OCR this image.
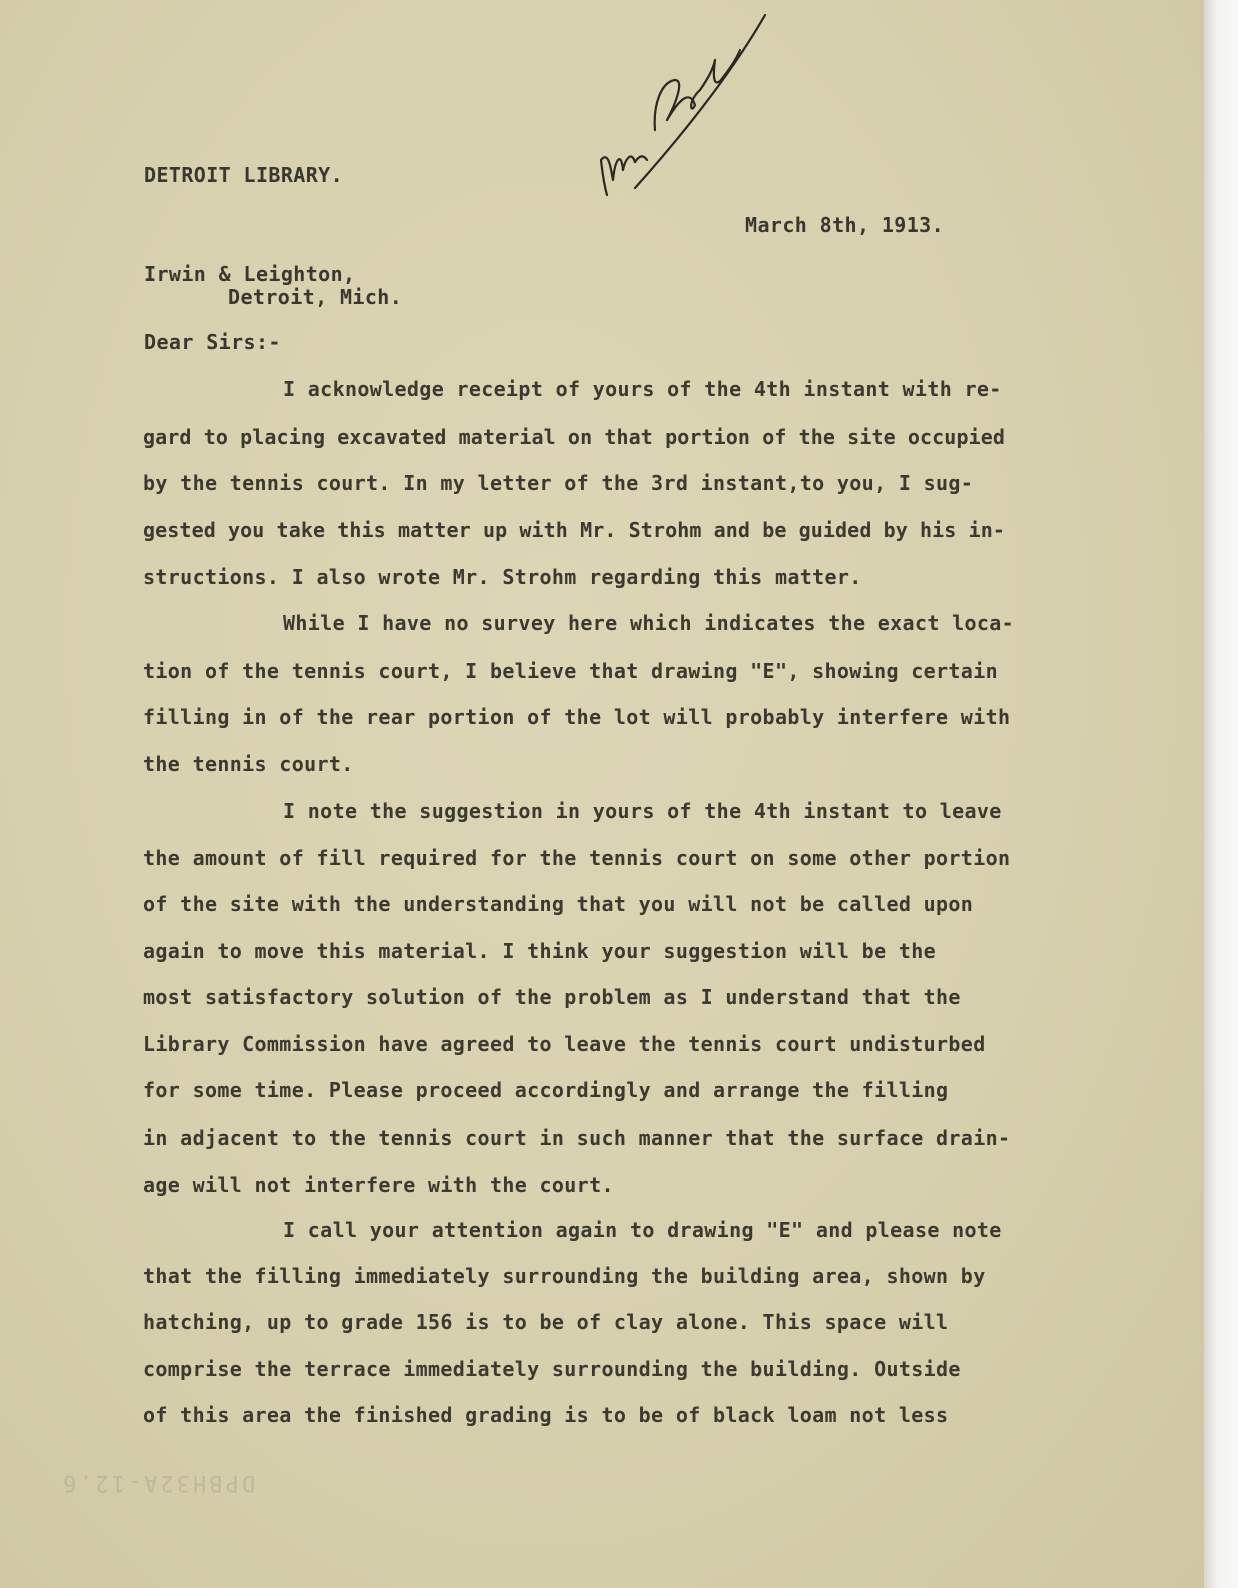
DETROIT LIBRARY.
March 8th, 1913.
Irwin & Leighton,
Detroit, Mich.
Dear Sirs:-
I acknowledge receipt of yours of the 4th instant with re-
gard to placing excavated material on that portion of the site occupied
by the tennis court. In my letter of the 3rd instant,to you, I sug-
gested you take this matter up with Mr. Strohm and be guided by his in-
structions. I also wrote Mr. Strohm regarding this matter.
While I have no survey here which indicates the exact loca-
tion of the tennis court, I believe that drawing "E", showing certain
filling in of the rear portion of the lot will probably interfere with
the tennis court.
I note the suggestion in yours of the 4th instant to leave
the amount of fill required for the tennis court on some other portion
of the site with the understanding that you will not be called upon
again to move this material. I think your suggestion will be the
most satisfactory solution of the problem as I understand that the
Library Commission have agreed to leave the tennis court undisturbed
for some time. Please proceed accordingly and arrange the filling
in adjacent to the tennis court in such manner that the surface drain-
age will not interfere with the court.
I call your attention again to drawing "E" and please note
that the filling immediately surrounding the building area, shown by
hatching, up to grade 156 is to be of clay alone. This space will
comprise the terrace immediately surrounding the building. Outside
of this area the finished grading is to be of black loam not less
DPBH32A-12.6
